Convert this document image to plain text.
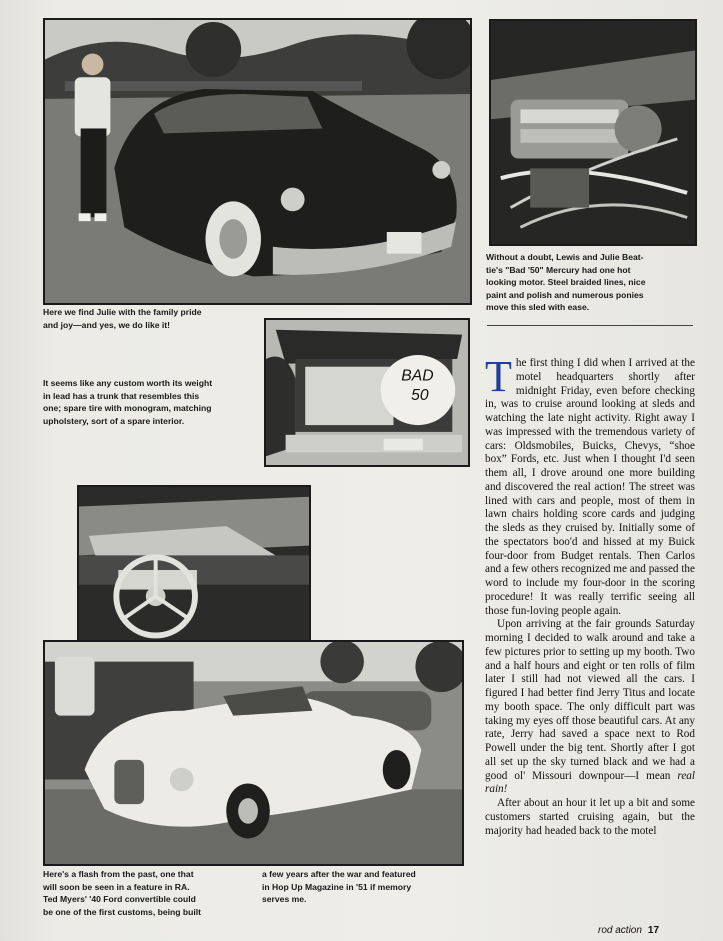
Without a doubt, Lewis and Julie Beat-
tie's "Bad '50" Mercury had one hot
looking motor. Steel braided lines, nice
paint and polish and numerous ponies
move this sled with ease.

Here we find Julie with the family pride
and joy—and yes, we do like it!

BAD
50

It seems like any custom worth its weight
in lead has a trunk that resembles this
one; spare tire with monogram, matching
upholstery, sort of a spare interior.

Here's a flash from the past, one that
will soon be seen in a feature in RA.
Ted Myers' '40 Ford convertible could
be one of the first customs, being built

a few years after the war and featured
in Hop Up Magazine in '51 if memory
serves me.

The first thing I did when I arrived at the motel headquarters shortly after midnight Friday, even before checking in, was to cruise around looking at sleds and watching the late night activity. Right away I was impressed with the tremendous variety of cars: Oldsmobiles, Buicks, Chevys, “shoe box” Fords, etc. Just when I thought I'd seen them all, I drove around one more building and discovered the real action! The street was lined with cars and people, most of them in lawn chairs holding score cards and judging the sleds as they cruised by. Initially some of the spectators boo'd and hissed at my Buick four-door from Budget rentals. Then Carlos and a few others recognized me and passed the word to include my four-door in the scoring procedure! It was really terrific seeing all those fun-loving people again.

Upon arriving at the fair grounds Saturday morning I decided to walk around and take a few pictures prior to setting up my booth. Two and a half hours and eight or ten rolls of film later I still had not viewed all the cars. I figured I had better find Jerry Titus and locate my booth space. The only difficult part was taking my eyes off those beautiful cars. At any rate, Jerry had saved a space next to Rod Powell under the big tent. Shortly after I got all set up the sky turned black and we had a good ol' Missouri downpour—I mean real rain!

After about an hour it let up a bit and some customers started cruising again, but the majority had headed back to the motel

rod action 17
